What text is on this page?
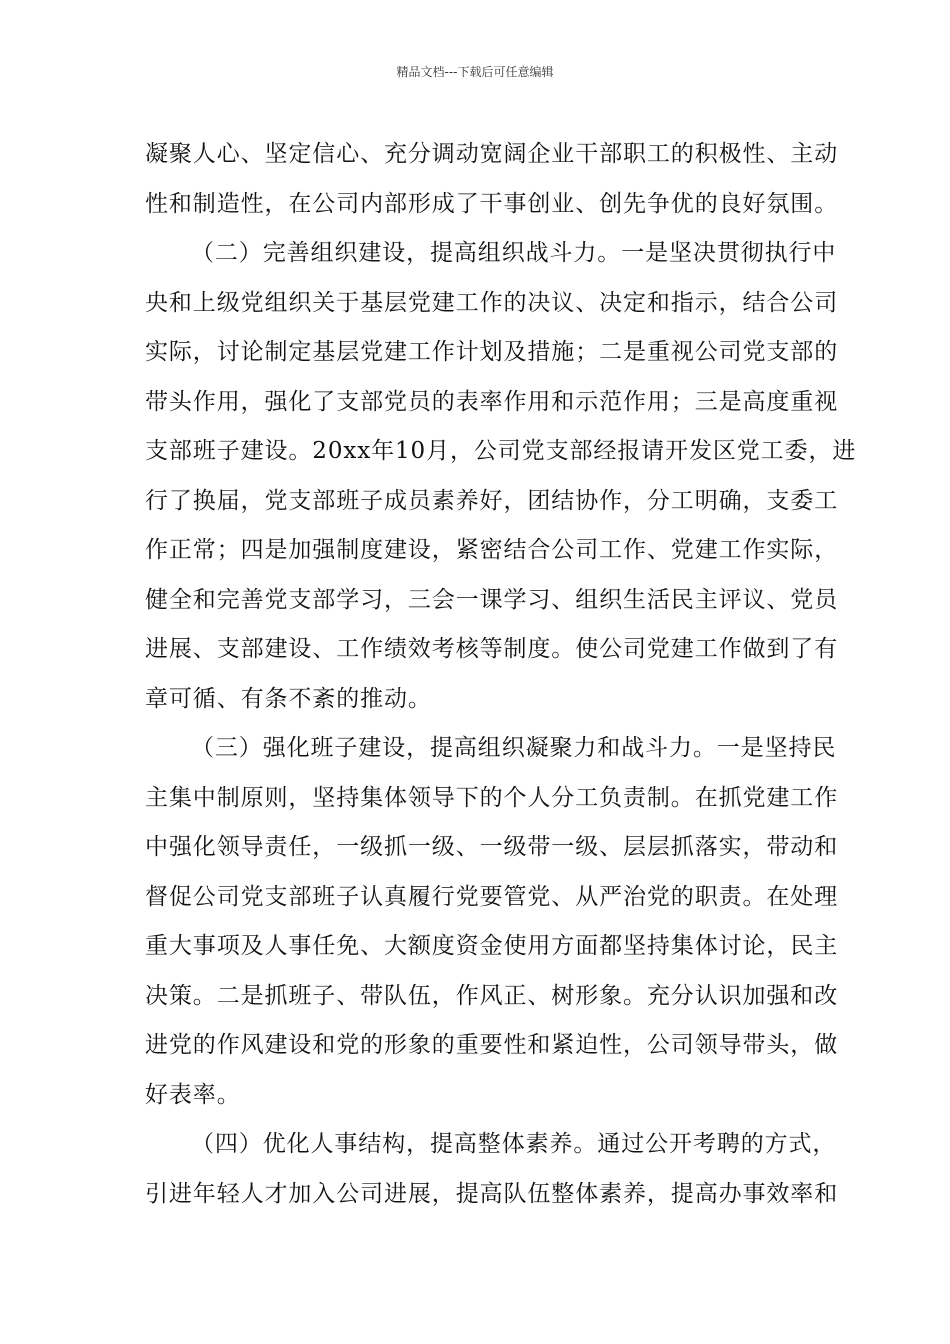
精品文档---下载后可任意编辑
凝聚人心、坚定信心、充分调动宽阔企业干部职工的积极性、主动
性和制造性，在公司内部形成了干事创业、创先争优的良好氛围。
（二）完善组织建设，提高组织战斗力。一是坚决贯彻执行中
央和上级党组织关于基层党建工作的决议、决定和指示，结合公司
实际，讨论制定基层党建工作计划及措施；二是重视公司党支部的
带头作用，强化了支部党员的表率作用和示范作用；三是高度重视
支部班子建设。20xx年10月，公司党支部经报请开发区党工委，进
行了换届，党支部班子成员素养好，团结协作，分工明确，支委工
作正常；四是加强制度建设，紧密结合公司工作、党建工作实际，
健全和完善党支部学习，三会一课学习、组织生活民主评议、党员
进展、支部建设、工作绩效考核等制度。使公司党建工作做到了有
章可循、有条不紊的推动。
（三）强化班子建设，提高组织凝聚力和战斗力。一是坚持民
主集中制原则，坚持集体领导下的个人分工负责制。在抓党建工作
中强化领导责任，一级抓一级、一级带一级、层层抓落实，带动和
督促公司党支部班子认真履行党要管党、从严治党的职责。在处理
重大事项及人事任免、大额度资金使用方面都坚持集体讨论，民主
决策。二是抓班子、带队伍，作风正、树形象。充分认识加强和改
进党的作风建设和党的形象的重要性和紧迫性，公司领导带头，做
好表率。
（四）优化人事结构，提高整体素养。通过公开考聘的方式，
引进年轻人才加入公司进展，提高队伍整体素养，提高办事效率和
